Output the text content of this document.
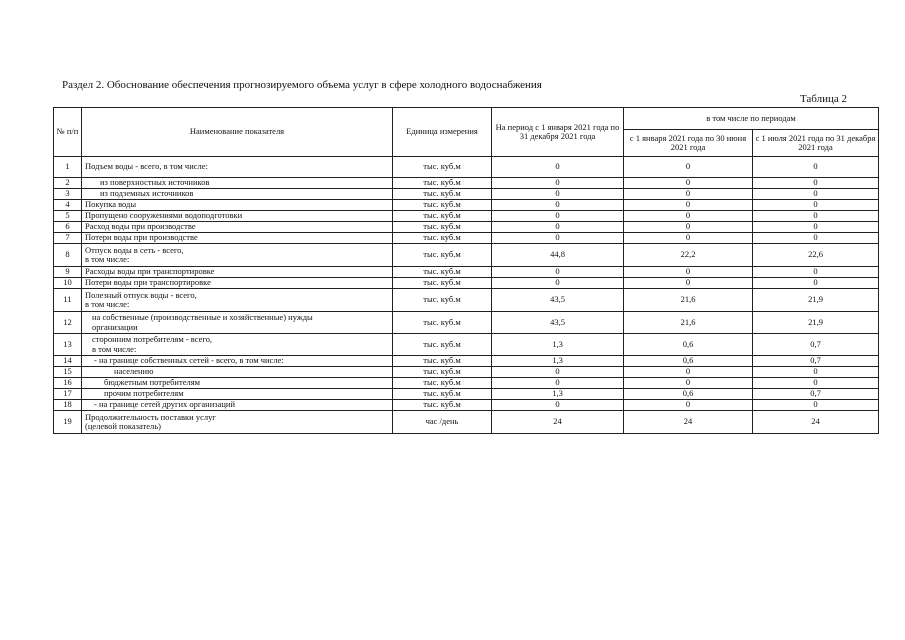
Раздел 2. Обоснование обеспечения прогнозируемого объема услуг в сфере холодного водоснабжения
Таблица 2
№ п/п	Наименование показателя	Единица измерения	На период с 1 января 2021 года по 31 декабря 2021 года	в том числе по периодам	
				с 1 января 2021 года по 30 июня 2021 года	с 1 июля 2021 года по 31 декабря 2021 года
1	Подъем воды - всего, в том числе:	тыс. куб.м	0	0	0
2	из поверхностных источников	тыс. куб.м	0	0	0
3	из подземных источников	тыс. куб.м	0	0	0
4	Покупка воды	тыс. куб.м	0	0	0
5	Пропущено сооружениями водоподготовки	тыс. куб.м	0	0	0
6	Расход воды при производстве	тыс. куб.м	0	0	0
7	Потери воды при производстве	тыс. куб.м	0	0	0
8	Отпуск воды в сеть - всего,
в том числе:	тыс. куб.м	44,8	22,2	22,6
9	Расходы воды при транспортировке	тыс. куб.м	0	0	0
10	Потери воды при транспортировке	тыс. куб.м	0	0	0
11	Полезный отпуск воды - всего,
в том числе:	тыс. куб.м	43,5	21,6	21,9
12	на собственные (производственные и хозяйственные) нужды
организации	тыс. куб.м	43,5	21,6	21,9
13	сторонним потребителям - всего,
в том числе:	тыс. куб.м	1,3	0,6	0,7
14	- на границе собственных сетей - всего, в том числе:	тыс. куб.м	1,3	0,6	0,7
15	населению	тыс. куб.м	0	0	0
16	бюджетным потребителям	тыс. куб.м	0	0	0
17	прочим потребителям	тыс. куб.м	1,3	0,6	0,7
18	- на границе сетей других организаций	тыс. куб.м	0	0	0
19	Продолжительность поставки услуг
(целевой показатель)	час /день	24	24	24
